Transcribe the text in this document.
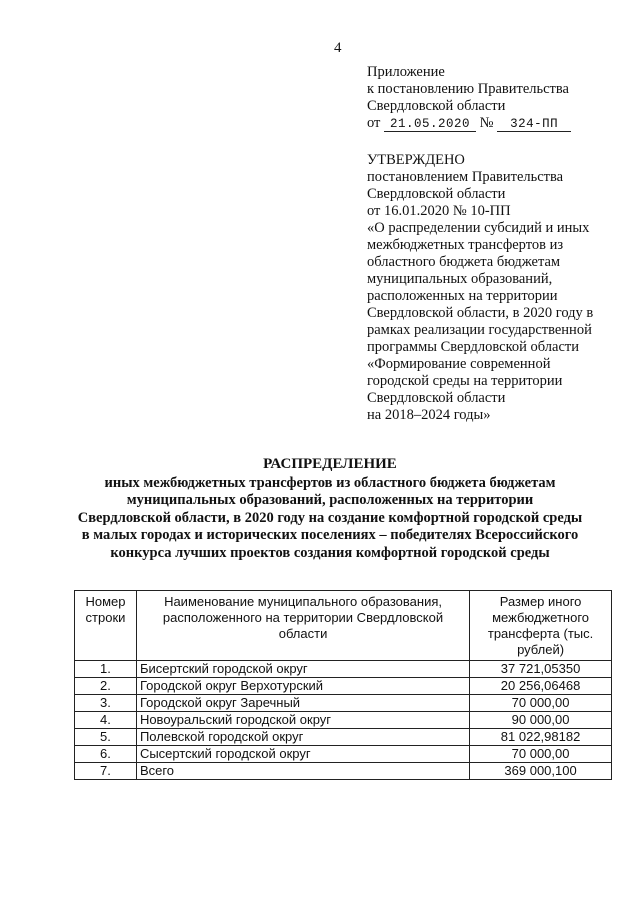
4
Приложение
к постановлению Правительства
Свердловской области
от 21.05.2020 № 324-ПП
УТВЕРЖДЕНО
постановлением Правительства
Свердловской области
от 16.01.2020 № 10-ПП
«О распределении субсидий и иных
межбюджетных трансфертов из
областного бюджета бюджетам
муниципальных образований,
расположенных на территории
Свердловской области, в 2020 году в
рамках реализации государственной
программы Свердловской области
«Формирование современной
городской среды на территории
Свердловской области
на 2018–2024 годы»
РАСПРЕДЕЛЕНИЕ
иных межбюджетных трансфертов из областного бюджета бюджетам
муниципальных образований, расположенных на территории
Свердловской области, в 2020 году на создание комфортной городской среды
в малых городах и исторических поселениях – победителях Всероссийского
конкурса лучших проектов создания комфортной городской среды
Номер строки	Наименование муниципального образования, расположенного на территории Свердловской области	Размер иного межбюджетного трансферта (тыс. рублей)
1.	Бисертский городской округ	37 721,05350
2.	Городской округ Верхотурский	20 256,06468
3.	Городской округ Заречный	70 000,00
4.	Новоуральский городской округ	90 000,00
5.	Полевской городской округ	81 022,98182
6.	Сысертский городской округ	70 000,00
7.	Всего	369 000,100
